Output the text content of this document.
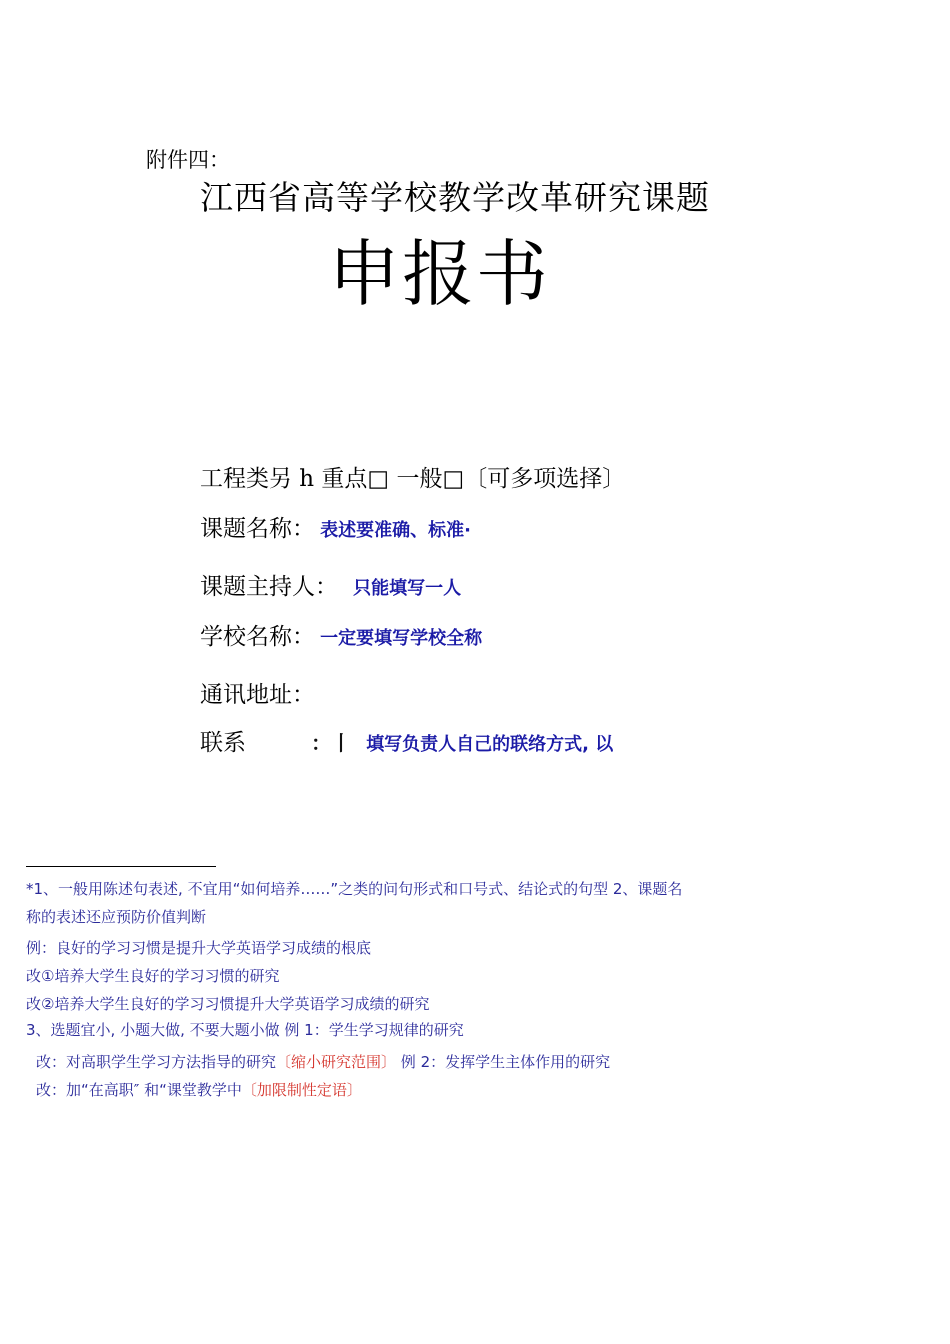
附件四：
江西省高等学校教学改革研究课题
申报书
工程类另 h 重点□ 一般□〔可多项选择〕
课题名称： 表述要准确、标准·
课题主持人： 只能填写一人
学校名称： 一定要填写学校全称
通讯地址：
联系	：丨 填写负责人自己的联络方式, 以
*1、一般用陈述句表述, 不宜用“如何培养……”之类的问句形式和口号式、结论式的句型 2、课题名
称的表述还应预防价值判断
例：良好的学习习惯是提升大学英语学习成绩的根底
改①培养大学生良好的学习习惯的研究
改②培养大学生良好的学习习惯提升大学英语学习成绩的研究
3、选题宜小, 小题大做, 不要大题小做 例 1：学生学习规律的研究
改：对高职学生学习方法指导的研究〔缩小研究范围〕 例 2：发挥学生主体作用的研究
改：加“在高职″ 和“课堂教学中〔加限制性定语〕
